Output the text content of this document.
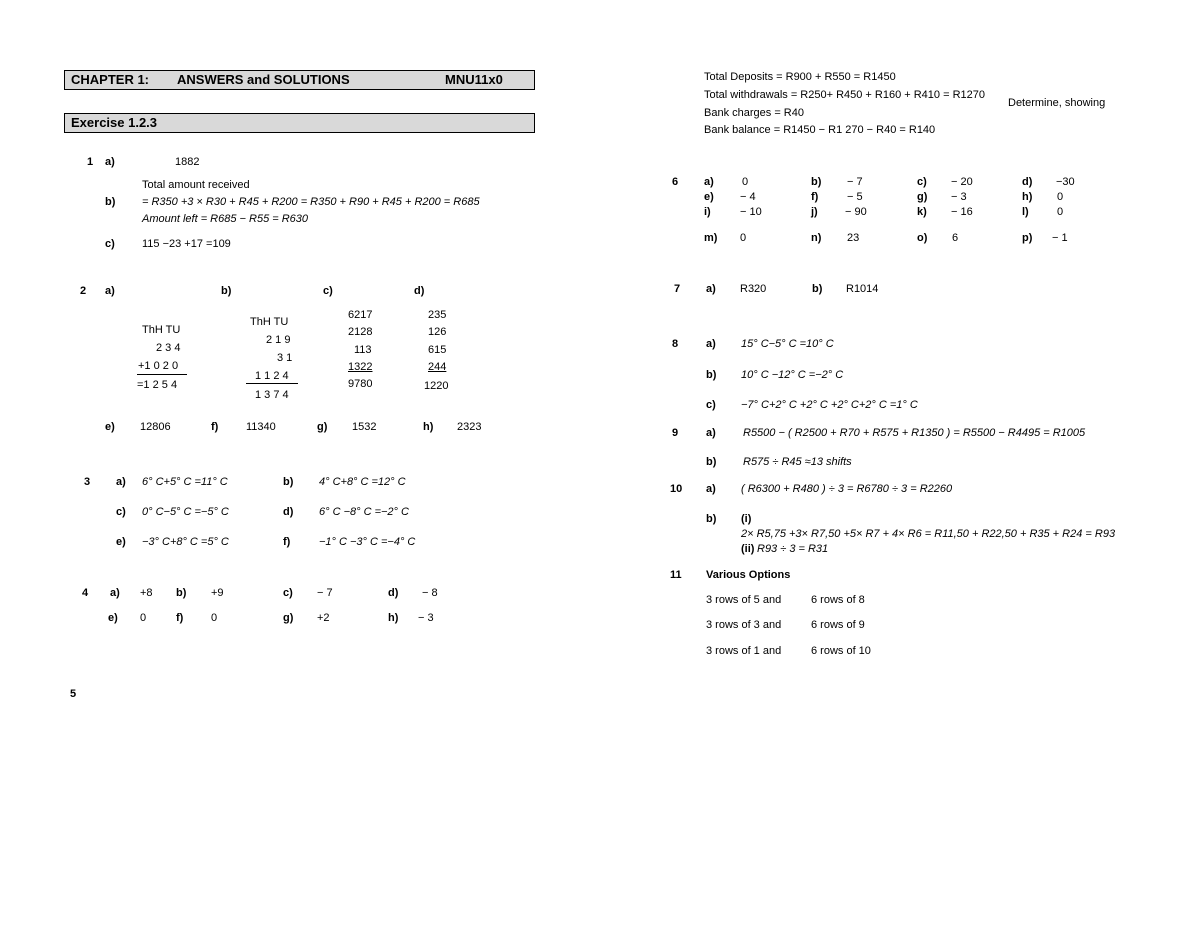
CHAPTER 1: ANSWERS and SOLUTIONS	MNU11x0
Exercise 1.2.3
1 a)	1882
Total amount received
b) = R350 +3 × R30 + R45 + R200 = R350 + R90 + R45 + R200 = R685
Amount left = R685 − R55 = R630
c) 115 −23 +17 =109
2 a)	b)	c)	d)
ThH TU
2 3 4
+1 0 2 0
=1 2 5 4
ThH TU
2 1 9
3 1
1 1 2 4
1 3 7 4
6217
2128
113
1322
9780
235
126
615
244
1220
e) 12806	f)	11340	g) 1532	h) 2323
3 a) 6° C+5° C =11° C	b) 4° C+8° C =12° C
c) 0° C−5° C =−5° C	d) 6° C −8° C =−2° C
e) −3° C+8° C =5° C	f)	−1° C −3° C =−4° C
4 a) +8 b) +9	c) − 7	d) − 8
e) 0	f)	0	g) +2	h) − 3
5
Total Deposits = R900 + R550 = R1450
Total withdrawals = R250+ R450 + R160 + R410 = R1270
Determine, showing
Bank charges = R40
Bank balance = R1450 − R1 270 − R40 = R140
6 a)	0	b) − 7	c) − 20	d) −30
e) − 4	f)	− 5	g) − 3	h) 0
i)	− 10	j) − 90	k) − 16	l)	0
m) 0	n) 23	o) 6	p) − 1
7 a) R320	b) R1014
8	a) 15° C−5° C =10° C
b) 10° C −12° C =−2° C
c) −7° C+2° C +2° C +2° C+2° C =1° C
9	a) R5500 − ( R2500 + R70 + R575 + R1350 ) = R5500 − R4495 = R1005
b) R575 ÷ R45 ≈13 shifts
10 a) ( R6300 + R480 ) ÷ 3 = R6780 ÷ 3 = R2260
b) (i)
2× R5,75 +3× R7,50 +5× R7 + 4× R6 = R11,50 + R22,50 + R35 + R24 = R93
(ii) R93 ÷ 3 = R31
11 Various Options
3 rows of 5 and	6 rows of 8
3 rows of 3 and	6 rows of 9
3 rows of 1 and	6 rows of 10
